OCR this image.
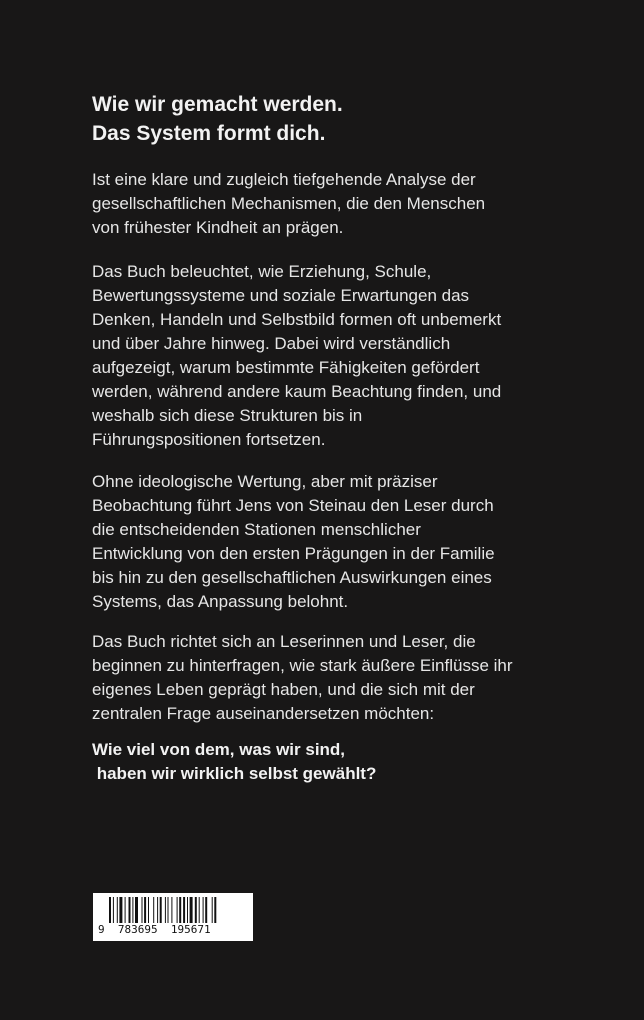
Wie wir gemacht werden.
Das System formt dich.

Ist eine klare und zugleich tiefgehende Analyse der
gesellschaftlichen Mechanismen, die den Menschen
von frühester Kindheit an prägen.

Das Buch beleuchtet, wie Erziehung, Schule,
Bewertungssysteme und soziale Erwartungen das
Denken, Handeln und Selbstbild formen oft unbemerkt
und über Jahre hinweg. Dabei wird verständlich
aufgezeigt, warum bestimmte Fähigkeiten gefördert
werden, während andere kaum Beachtung finden, und
weshalb sich diese Strukturen bis in
Führungspositionen fortsetzen.

Ohne ideologische Wertung, aber mit präziser
Beobachtung führt Jens von Steinau den Leser durch
die entscheidenden Stationen menschlicher
Entwicklung von den ersten Prägungen in der Familie
bis hin zu den gesellschaftlichen Auswirkungen eines
Systems, das Anpassung belohnt.

Das Buch richtet sich an Leserinnen und Leser, die
beginnen zu hinterfragen, wie stark äußere Einflüsse ihr
eigenes Leben geprägt haben, und die sich mit der
zentralen Frage auseinandersetzen möchten:

Wie viel von dem, was wir sind,
haben wir wirklich selbst gewählt?

9  783695  195671
